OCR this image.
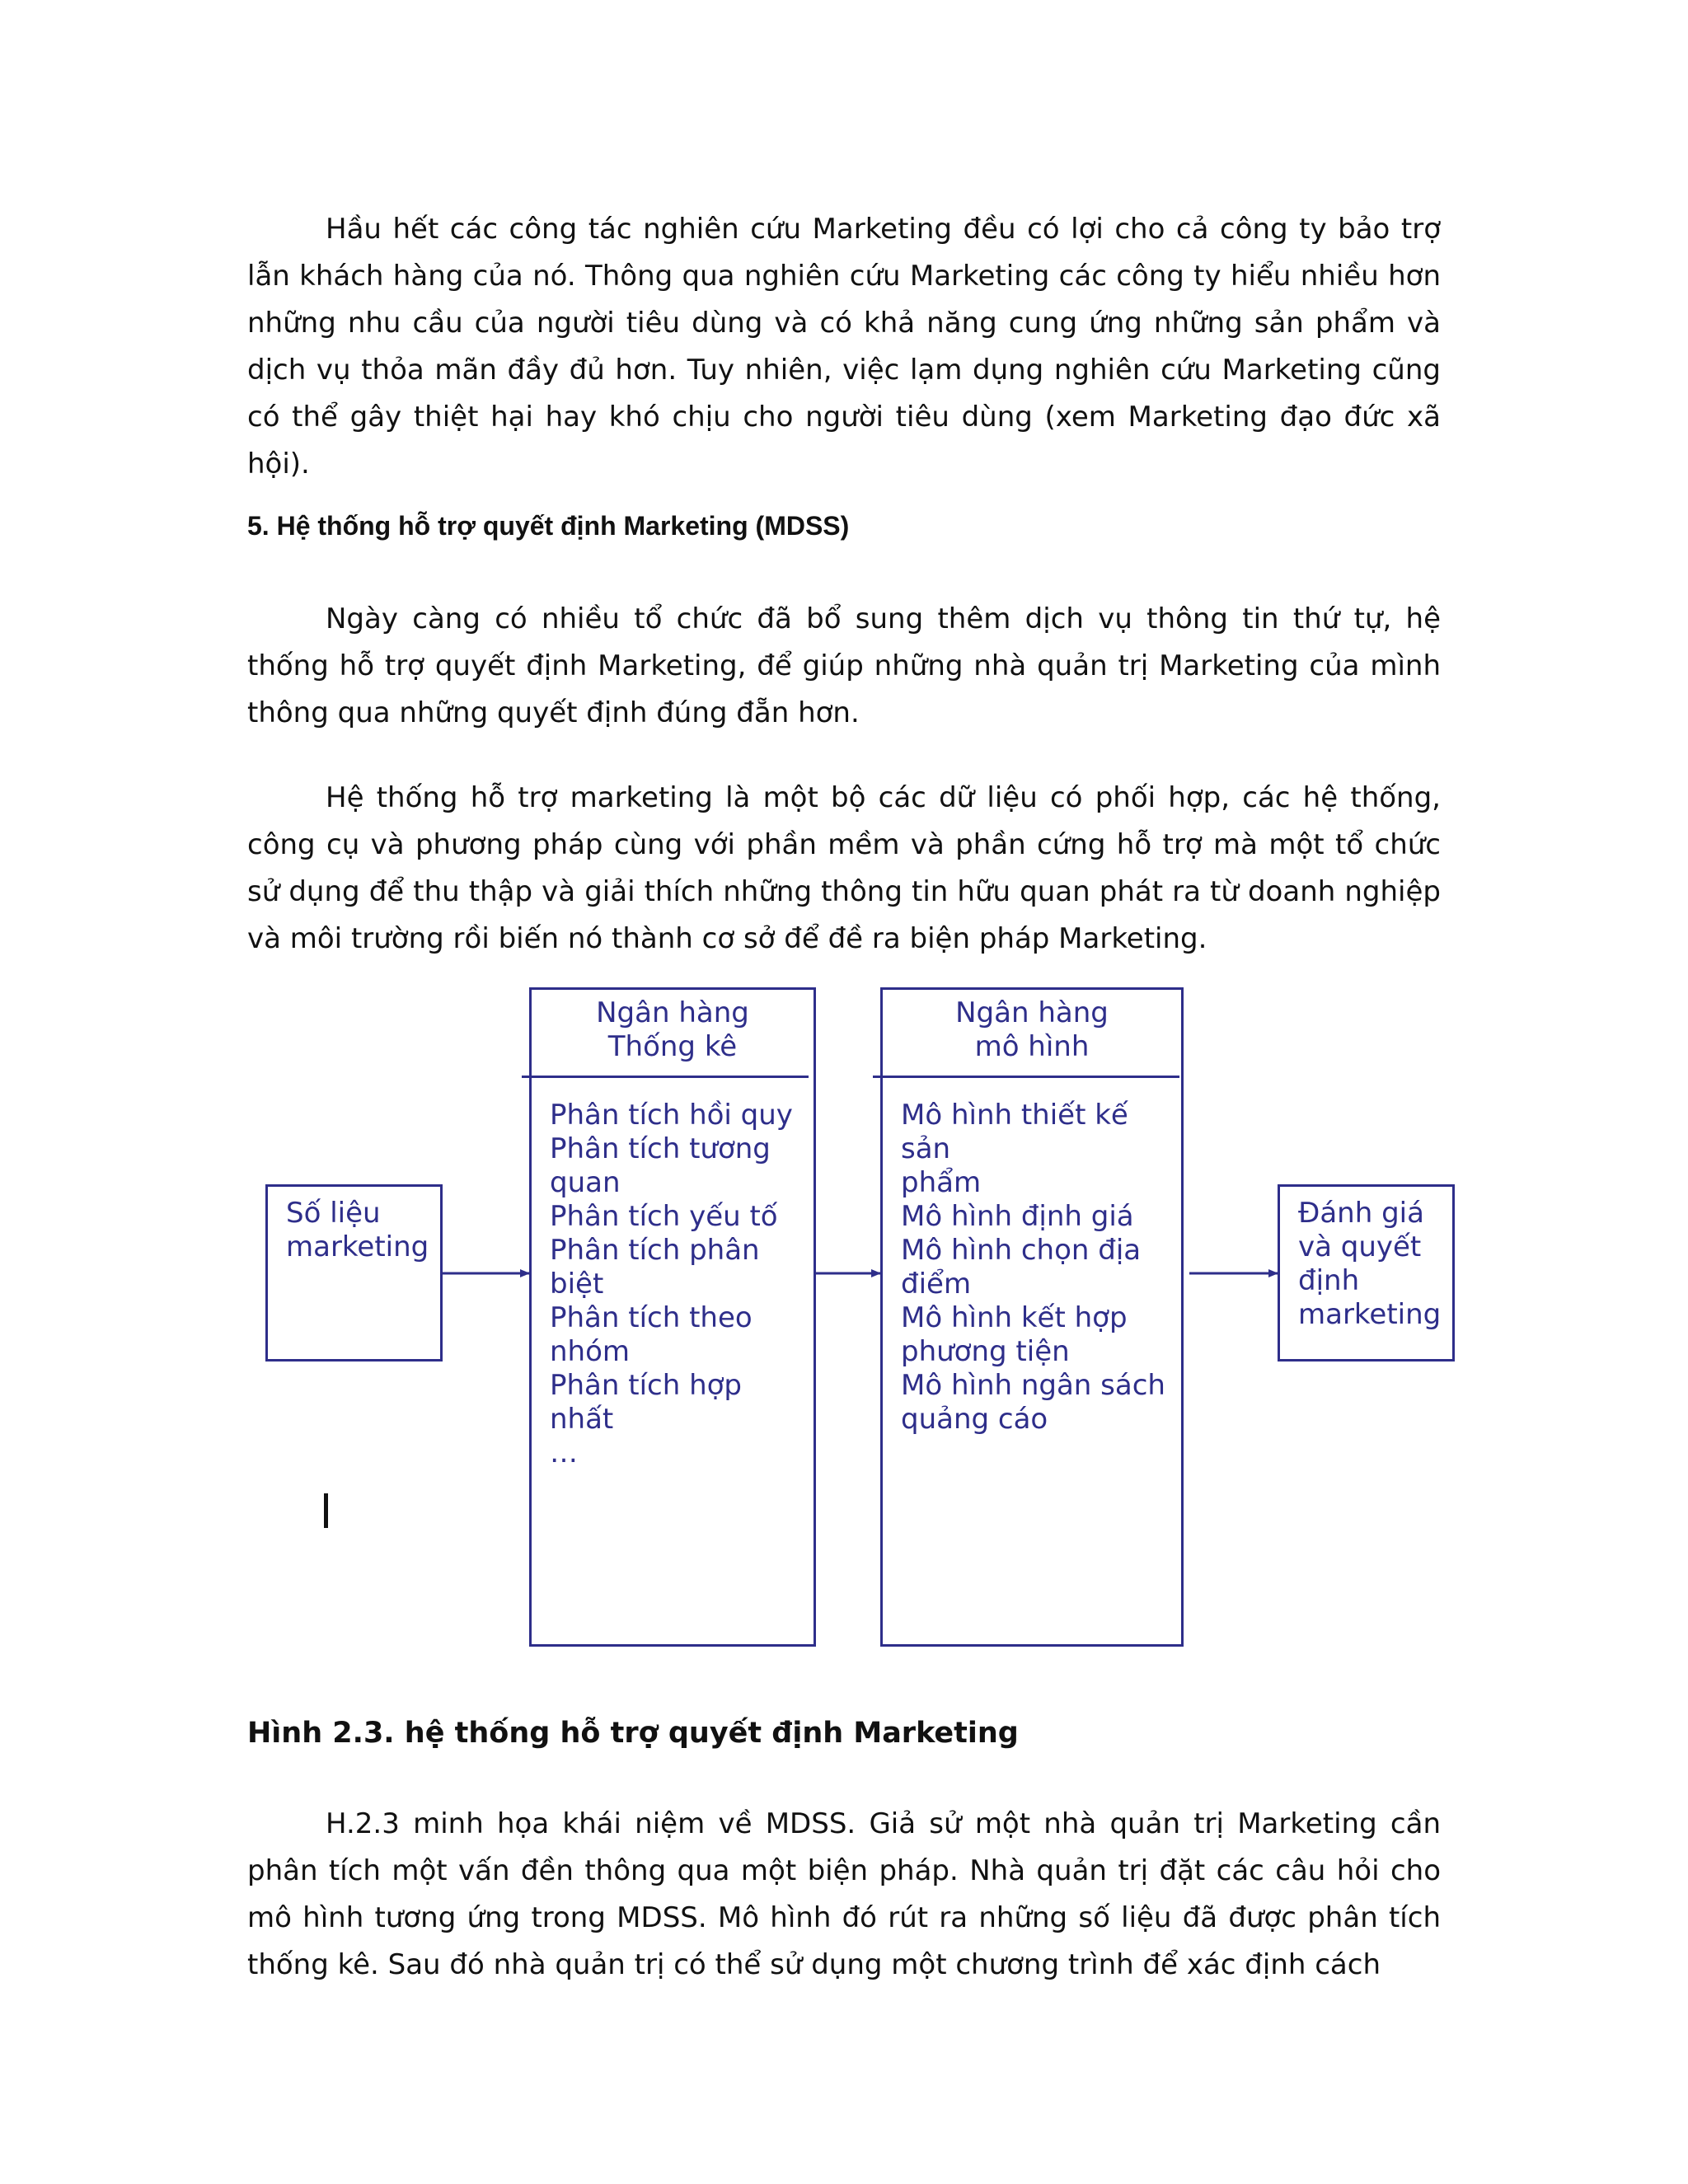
Hầu hết các công tác nghiên cứu Marketing đều có lợi cho cả công ty bảo trợ lẫn khách hàng của nó. Thông qua nghiên cứu Marketing các công ty hiểu nhiều hơn những nhu cầu của người tiêu dùng và có khả năng cung ứng những sản phẩm và dịch vụ thỏa mãn đầy đủ hơn. Tuy nhiên, việc lạm dụng nghiên cứu Marketing cũng có thể gây thiệt hại hay khó chịu cho người tiêu dùng (xem Marketing đạo đức xã hội).

5. Hệ thống hỗ trợ quyết định Marketing (MDSS)

Ngày càng có nhiều tổ chức đã bổ sung thêm dịch vụ thông tin thứ tự, hệ thống hỗ trợ quyết định Marketing, để giúp những nhà quản trị Marketing của mình thông qua những quyết định đúng đẵn hơn.

Hệ thống hỗ trợ marketing là một bộ các dữ liệu có phối hợp, các hệ thống, công cụ và phương pháp cùng với phần mềm và phần cứng hỗ trợ mà một tổ chức sử dụng để thu thập và giải thích những thông tin hữu quan phát ra từ doanh nghiệp và môi trường rồi biến nó thành cơ sở để đề ra biện pháp Marketing.

Số liệu
marketing
Ngân hàng
Thống kê
Phân tích hồi quy
Phân tích tương
quan
Phân tích yếu tố
Phân tích phân
biệt
Phân tích theo
nhóm
Phân tích hợp
nhất
…
Ngân hàng
mô hình
Mô hình thiết kế sản
phẩm
Mô hình định giá
Mô hình chọn địa
điểm
Mô hình kết hợp
phương tiện
Mô hình ngân sách
quảng cáo
Đánh giá
và quyết
định
marketing
Hình 2.3. hệ thống hỗ trợ quyết định Marketing

H.2.3 minh họa khái niệm về MDSS. Giả sử một nhà quản trị Marketing cần phân tích một vấn đền thông qua một biện pháp. Nhà quản trị đặt các câu hỏi cho mô hình tương ứng trong MDSS. Mô hình đó rút ra những số liệu đã được phân tích thống kê. Sau đó nhà quản trị có thể sử dụng một chương trình để xác định cách
